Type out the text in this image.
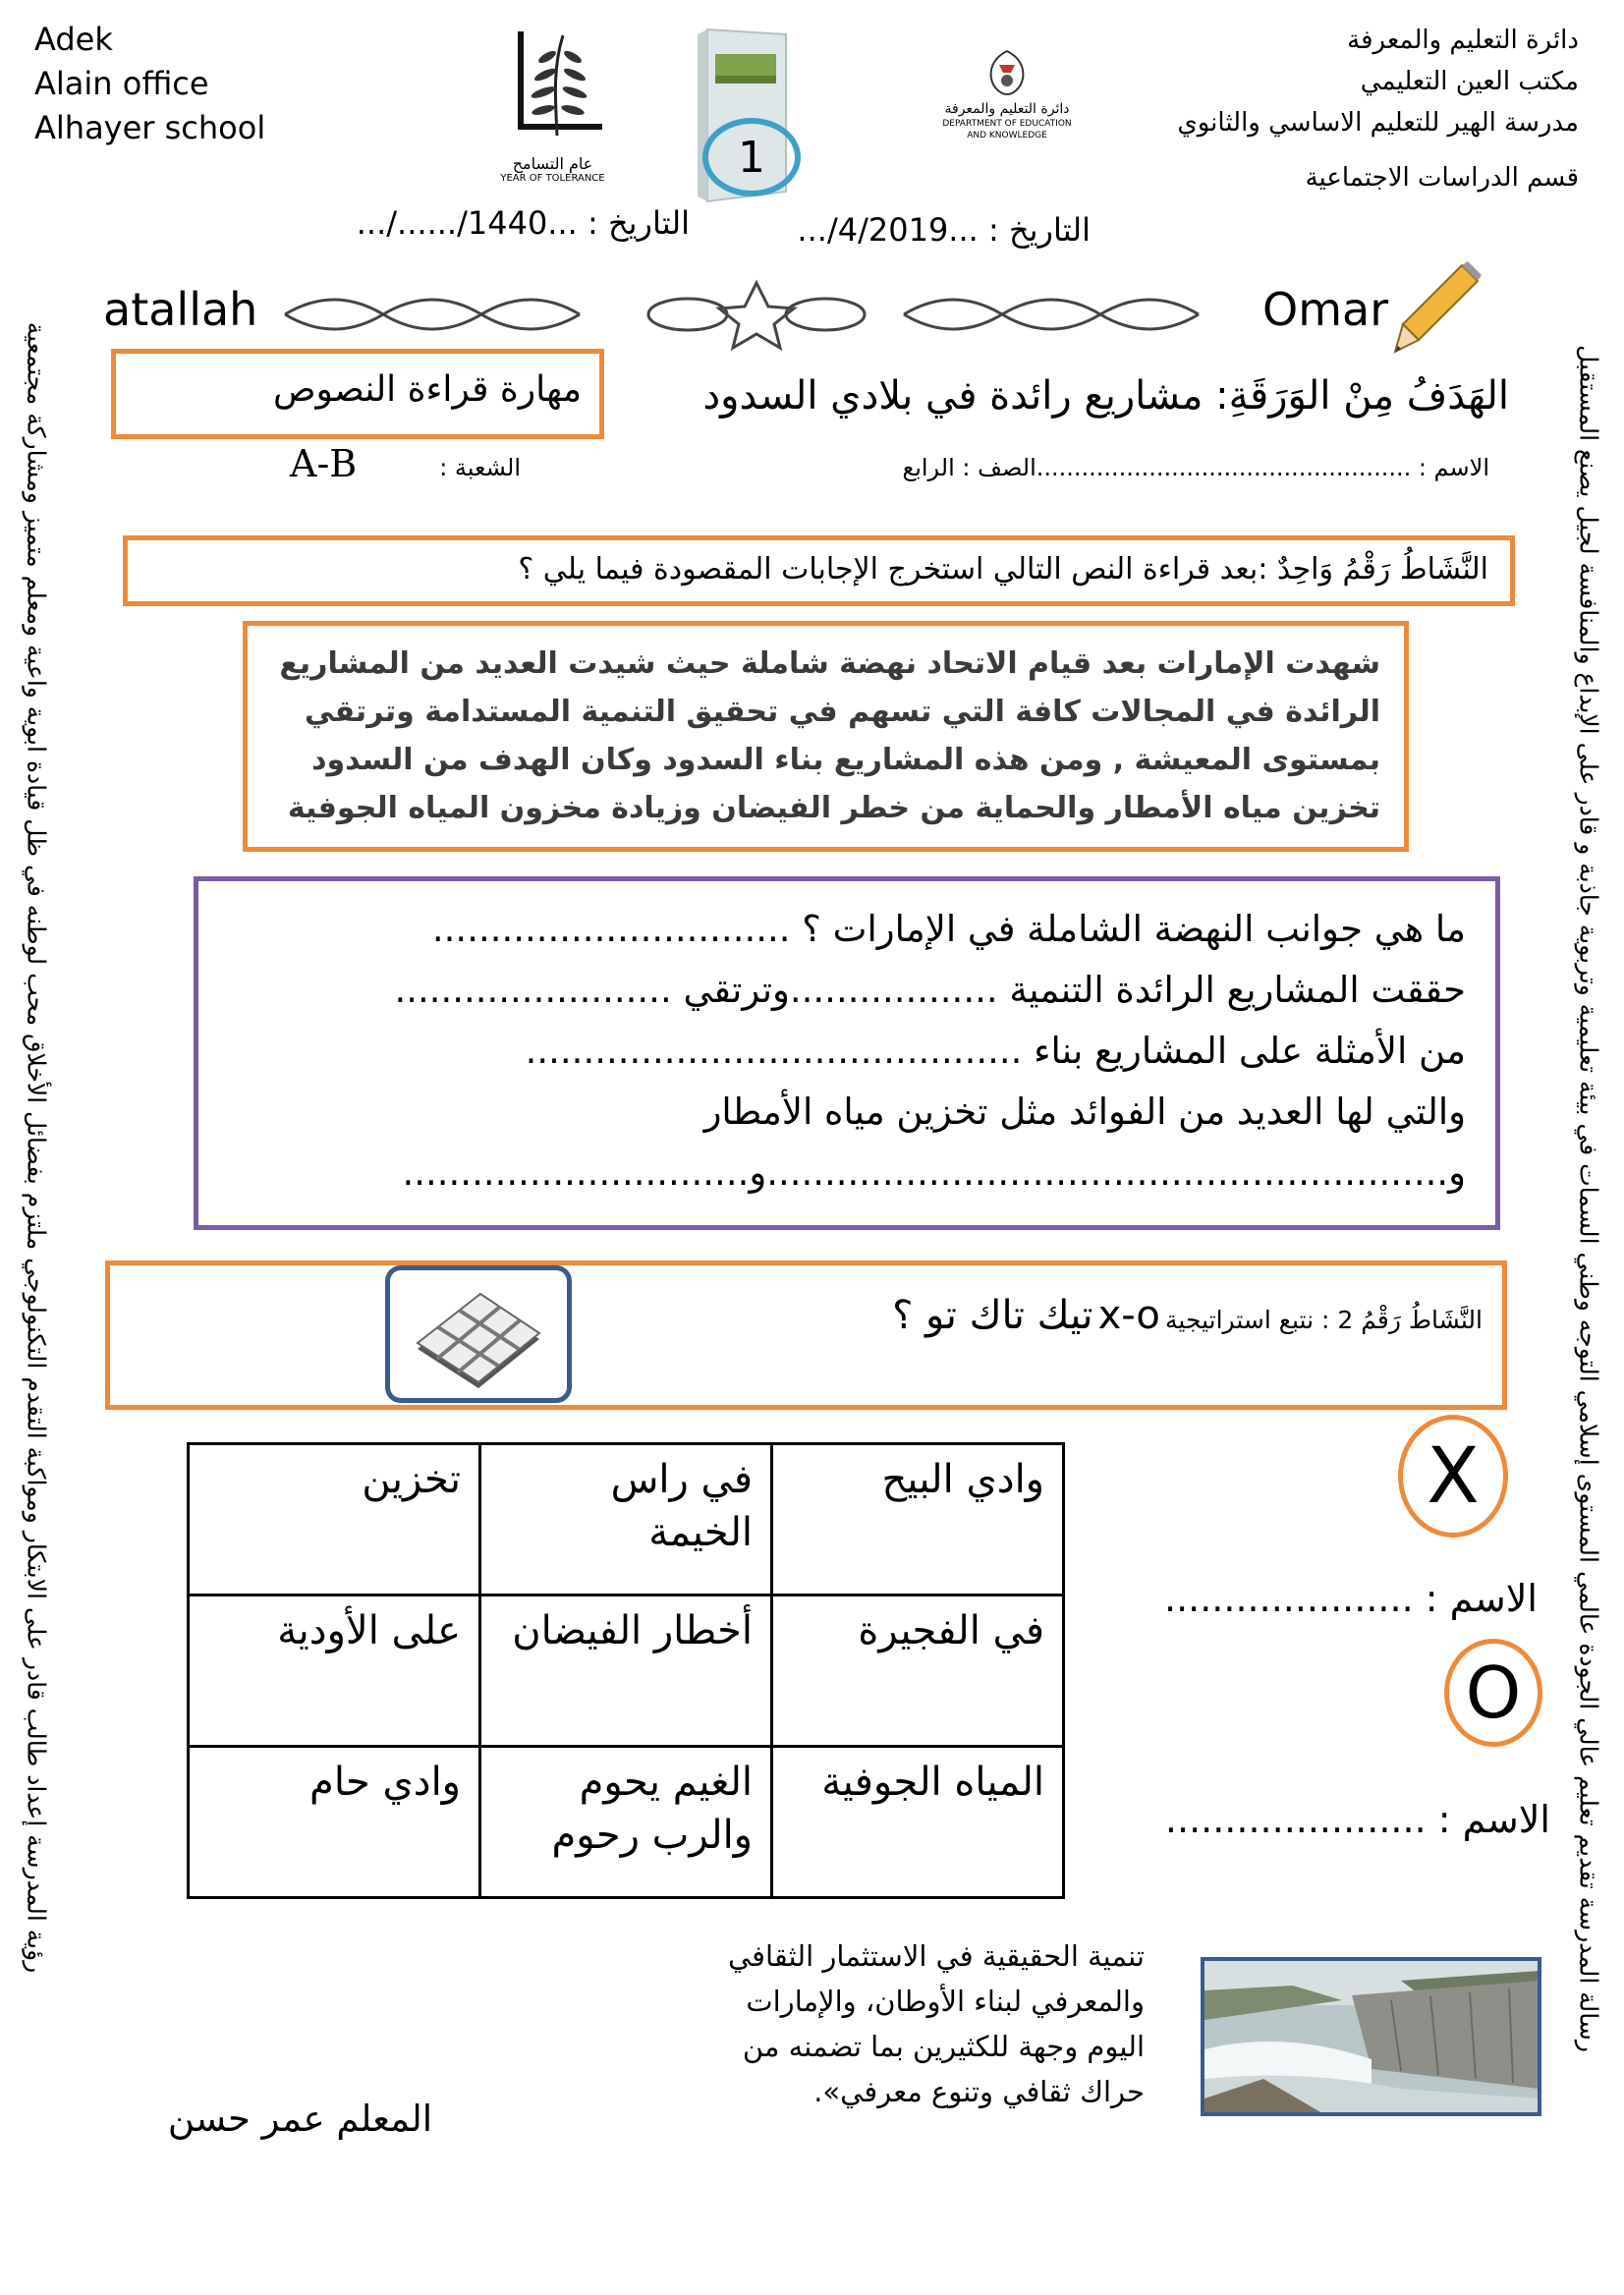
Adek
Alain office
Alhayer school
عام التسامح
YEAR OF TOLERANCE	1
دائرة التعليم والمعرفة
DEPARTMENT OF EDUCATION
AND KNOWLEDGE
دائرة التعليم والمعرفة
مكتب العين التعليمي
مدرسة الهير للتعليم الاساسي والثانوي
قسم الدراسات الاجتماعية
التاريخ : ...1440/....../...	التاريخ : ...4/2019/...
atallah	Omar
مهارة قراءة النصوص	الهَدَفُ مِنْ الوَرَقَةِ: مشاريع رائدة في بلادي السدود
الاسم : ..................................................الصف : الرابع
الشعبة :
A-B
النَّشَاطُ رَقْمُ وَاحِدٌ :بعد قراءة النص التالي استخرج الإجابات المقصودة فيما يلي ؟
شهدت الإمارات بعد قيام الاتحاد نهضة شاملة حيث شيدت العديد من المشاريع الرائدة في المجالات كافة التي تسهم في تحقيق التنمية المستدامة وترتقي بمستوى المعيشة , ومن هذه المشاريع بناء السدود وكان الهدف من السدود تخزين مياه الأمطار والحماية من خطر الفيضان وزيادة مخزون المياه الجوفية
ما هي جوانب النهضة الشاملة في الإمارات ؟ ...............................
حققت المشاريع الرائدة التنمية ..................وترتقي ........................
من الأمثلة على المشاريع بناء ...........................................
والتي لها العديد من الفوائد مثل تخزين مياه الأمطار
و...........................................................و..............................
النَّشَاطُ رَقْمُ 2 : نتبع استراتيجية x-o تيك تاك تو ؟
تخزين	في راس الخيمة	وادي البيح
على الأودية	أخطار الفيضان	في الفجيرة
وادي حام	الغيم يحوم والرب رحوم	المياه الجوفية
X
الاسم : .....................
O
الاسم : ......................
تنمية الحقيقية في الاستثمار الثقافي
والمعرفي لبناء الأوطان، والإمارات
اليوم وجهة للكثيرين بما تضمنه من
حراك ثقافي وتنوع معرفي».
المعلم عمر حسن
رؤية المدرسة إعداد طالب قادر على الابتكار ومواكبة التقدم التكنولوجي ملتزم بفضائل الأخلاق محب لوطنه في ظل قيادة ابوية واعية ومعلم متميز ومشاركة مجتمعية	رسالة المدرسة تقديم تعليم عالي الجودة عالمي المستوى إسلامي التوجه وطني السمات في بيئة تعليمية وتربوية جاذبة و قادر على الإبداع والمنافسة لجيل يصنع المستقبل
